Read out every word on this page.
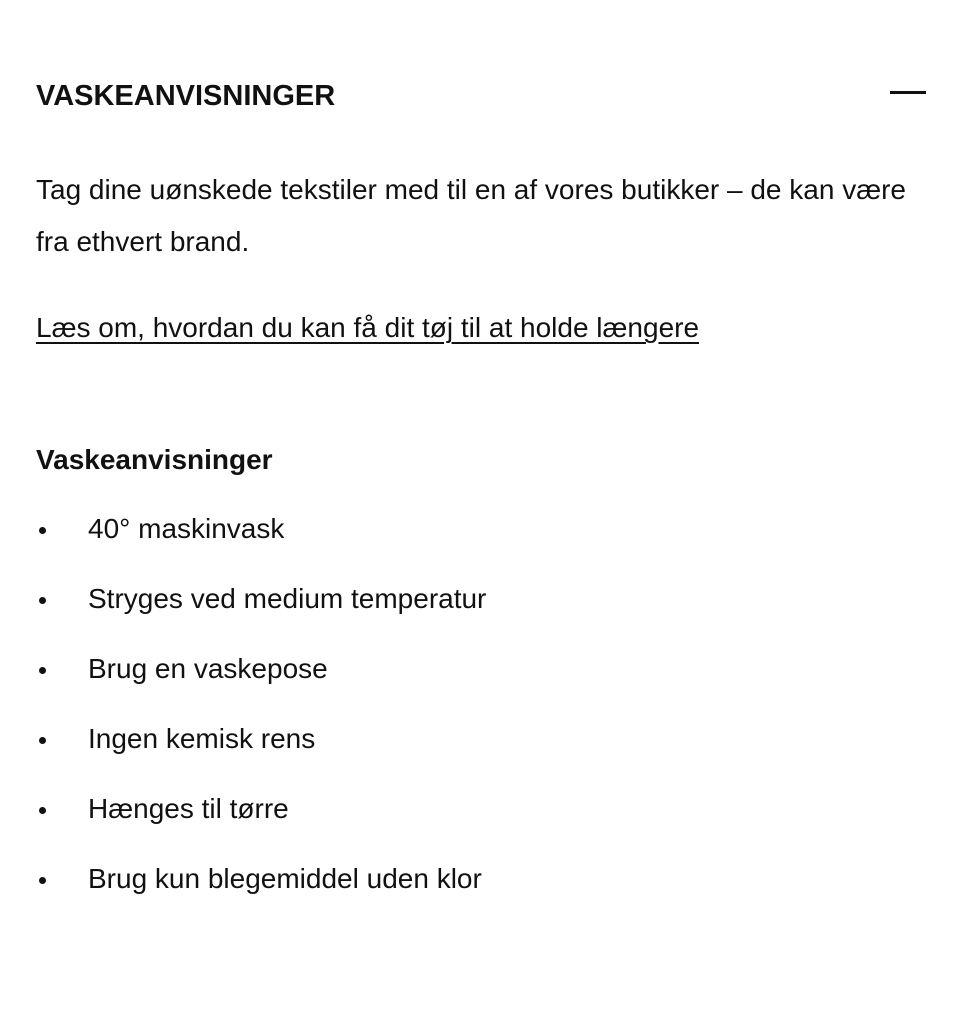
VASKEANVISNINGER

Tag dine uønskede tekstiler med til en af vores butikker – de kan være fra ethvert brand.

Læs om, hvordan du kan få dit tøj til at holde længere
Vaskeanvisninger
40° maskinvask
Stryges ved medium temperatur
Brug en vaskepose
Ingen kemisk rens
Hænges til tørre
Brug kun blegemiddel uden klor
